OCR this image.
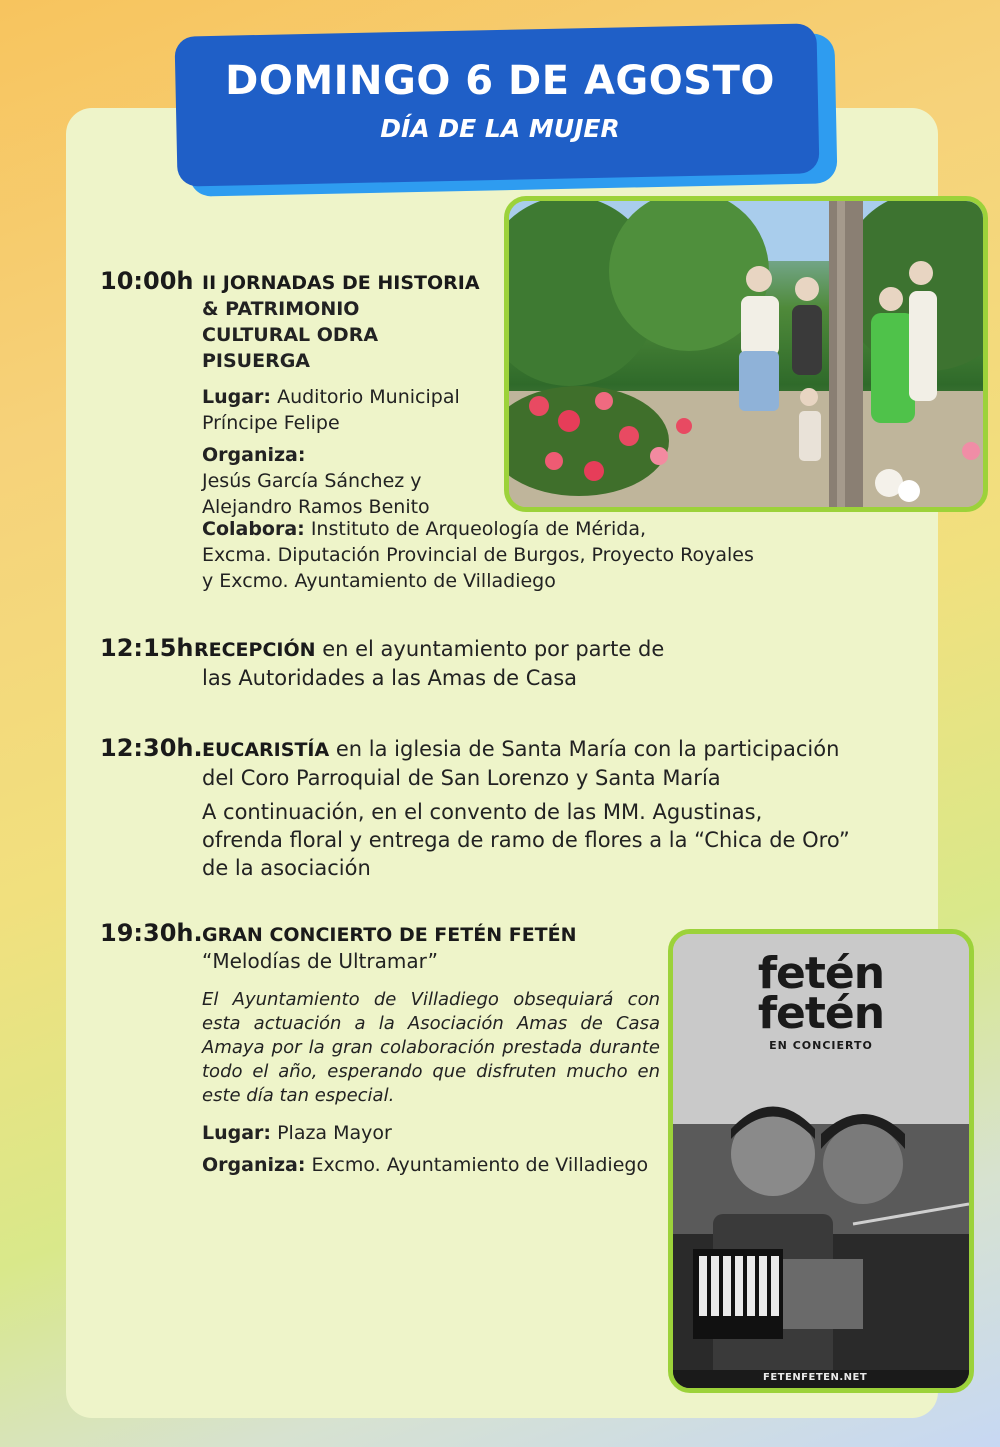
DOMINGO 6 DE AGOSTO

DÍA DE LA MUJER

fetén
fetén
EN CONCIERTO
FETENFETEN.NET
10:00h II JORNADAS DE HISTORIA

& PATRIMONIO

CULTURAL ODRA

PISUERGA

Lugar: Auditorio Municipal

Príncipe Felipe

Organiza:

Jesús García Sánchez y

Alejandro Ramos Benito

Colabora: Instituto de Arqueología de Mérida,

Excma. Diputación Provincial de Burgos, Proyecto Royales

y Excmo. Ayuntamiento de Villadiego

12:15h.
RECEPCIÓN en el ayuntamiento por parte de

las Autoridades a las Amas de Casa

12:30h. EUCARISTÍA en la iglesia de Santa María con la participación

del Coro Parroquial de San Lorenzo y Santa María

A continuación, en el convento de las MM. Agustinas,

ofrenda floral y entrega de ramo de flores a la “Chica de Oro”

de la asociación

19:30h. GRAN CONCIERTO DE FETÉN FETÉN

“Melodías de Ultramar”

El Ayuntamiento de Villadiego obsequiará con esta actuación a la Asociación Amas de Casa Amaya por la gran colaboración prestada durante todo el año, esperando que disfruten mucho en este día tan especial.

Lugar: Plaza Mayor

Organiza: Excmo. Ayuntamiento de Villadiego
